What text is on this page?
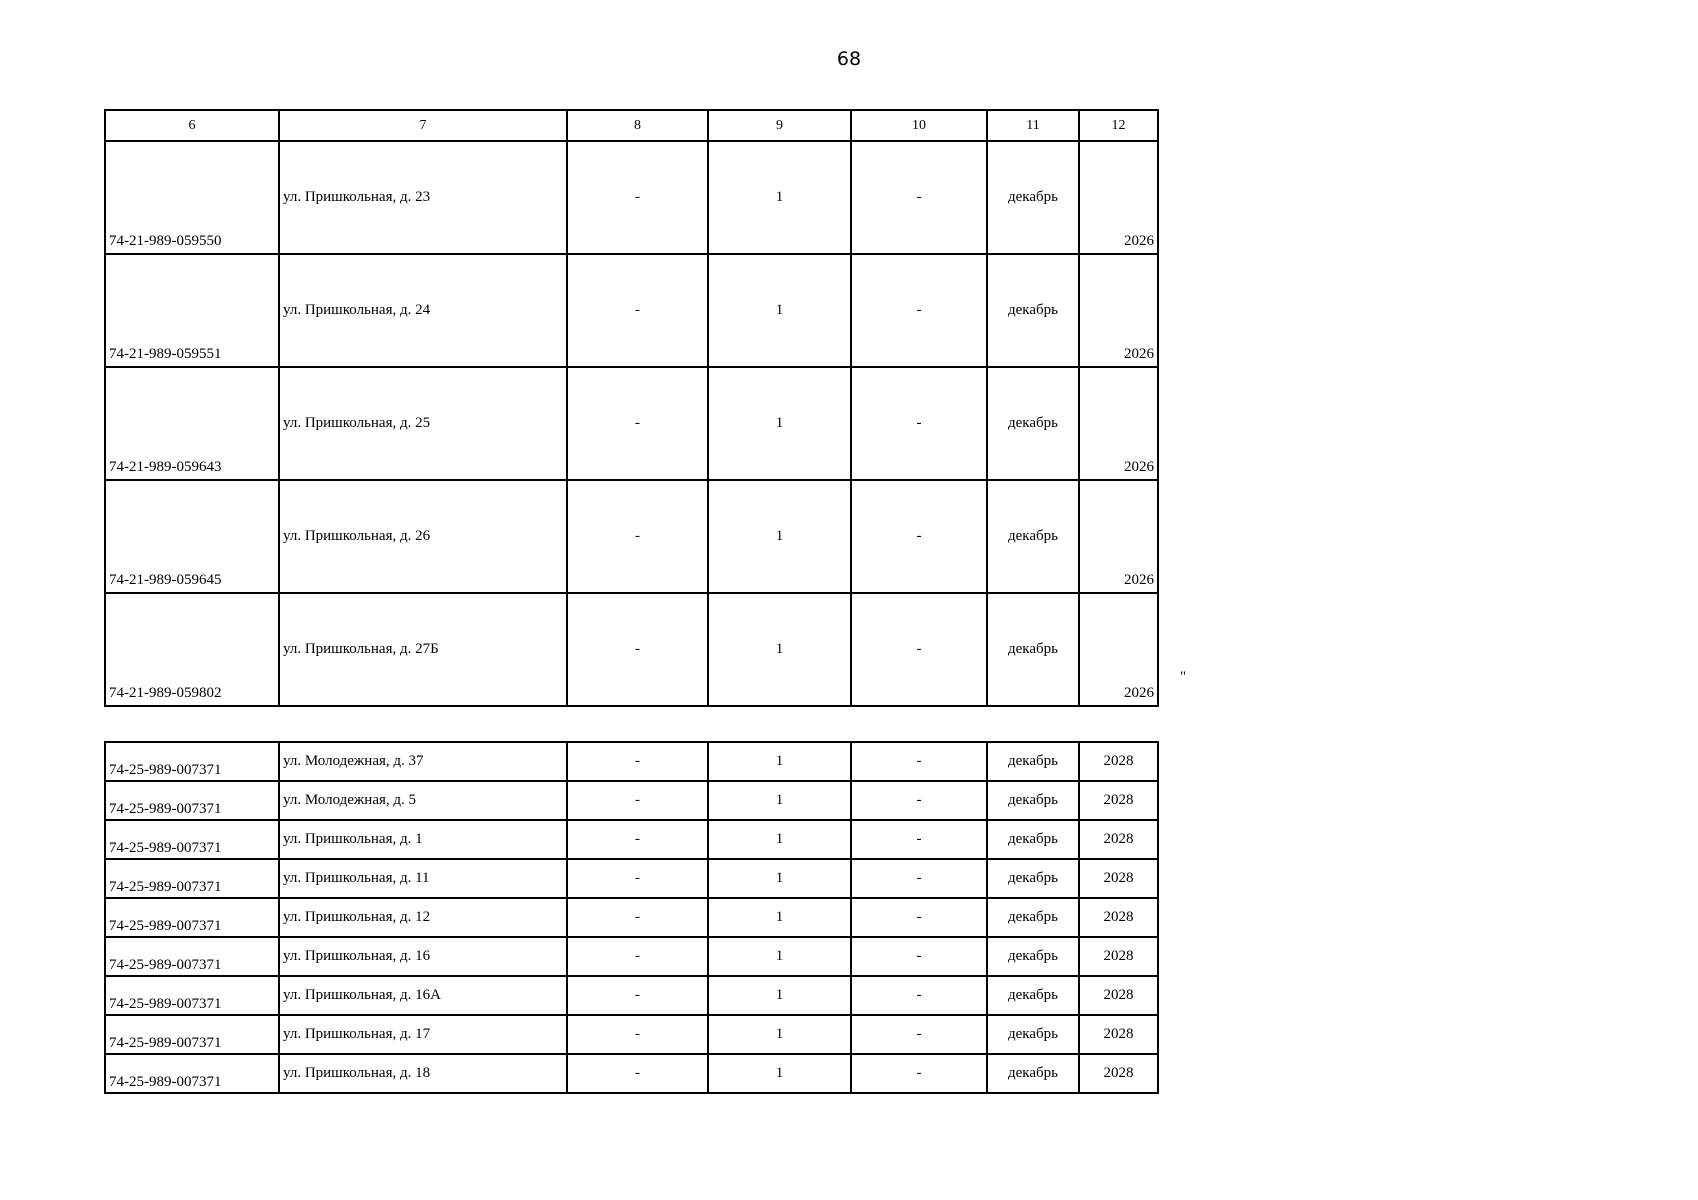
68
6	7	8	9	10	11	12
74-21-989-059550	ул. Пришкольная, д. 23	-	1	-	декабрь	2026
74-21-989-059551	ул. Пришкольная, д. 24	-	1	-	декабрь	2026
74-21-989-059643	ул. Пришкольная, д. 25	-	1	-	декабрь	2026
74-21-989-059645	ул. Пришкольная, д. 26	-	1	-	декабрь	2026
74-21-989-059802	ул. Пришкольная, д. 27Б	-	1	-	декабрь	2026
"
74-25-989-007371	ул. Молодежная, д. 37	-	1	-	декабрь	2028
74-25-989-007371	ул. Молодежная, д. 5	-	1	-	декабрь	2028
74-25-989-007371	ул. Пришкольная, д. 1	-	1	-	декабрь	2028
74-25-989-007371	ул. Пришкольная, д. 11	-	1	-	декабрь	2028
74-25-989-007371	ул. Пришкольная, д. 12	-	1	-	декабрь	2028
74-25-989-007371	ул. Пришкольная, д. 16	-	1	-	декабрь	2028
74-25-989-007371	ул. Пришкольная, д. 16А	-	1	-	декабрь	2028
74-25-989-007371	ул. Пришкольная, д. 17	-	1	-	декабрь	2028
74-25-989-007371	ул. Пришкольная, д. 18	-	1	-	декабрь	2028
